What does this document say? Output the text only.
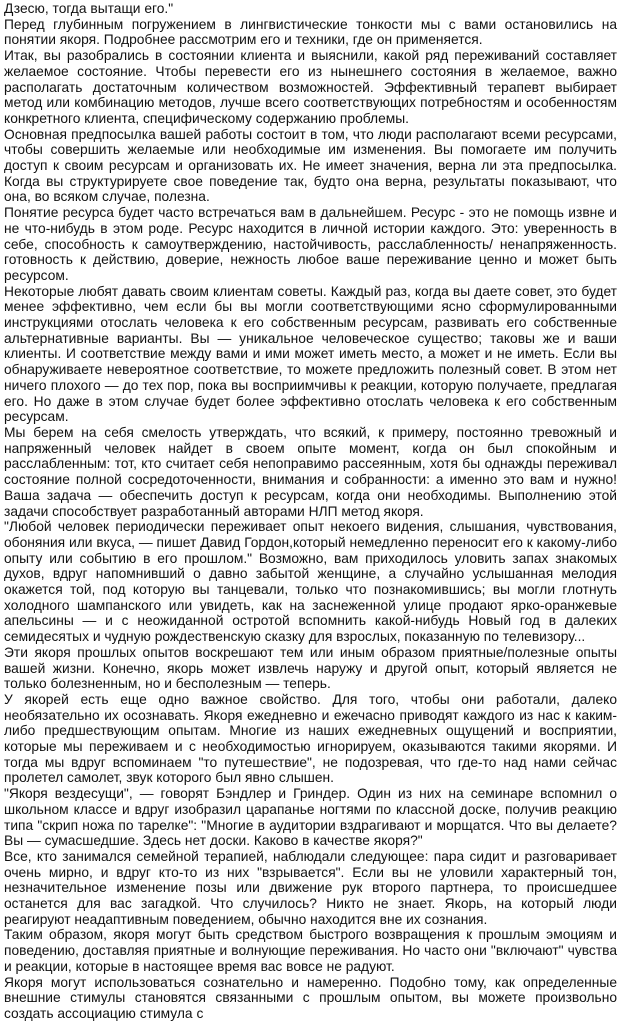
Дзесю, тогда вытащи его."

Перед глубинным погружением в лингвистические тонкости мы с вами остановились на понятии якоря. Подробнее рассмотрим его и техники, где он применяется.

Итак, вы разобрались в состоянии клиента и выяснили, какой ряд переживаний составляет желаемое состояние. Чтобы перевести его из нынешнего состояния в желаемое, важно располагать достаточным количеством возможностей. Эффективный терапевт выбирает метод или комбинацию методов, лучше всего соответствующих потребностям и особенностям конкретного клиента, специфическому содержанию проблемы.

Основная предпосылка вашей работы состоит в том, что люди располагают всеми ресурсами, чтобы совершить желаемые или необходимые им изменения. Вы помогаете им получить доступ к своим ресурсам и организовать их. Не имеет значения, верна ли эта предпосылка. Когда вы структурируете свое поведение так, будто она верна, результаты показывают, что она, во всяком случае, полезна.

Понятие ресурса будет часто встречаться вам в дальнейшем. Ресурс - это не помощь извне и не что-нибудь в этом роде. Ресурс находится в личной истории каждого. Это: уверенность в себе, способность к самоутверждению, настойчивость, расслабленность/ ненапряженность. готовность к действию, доверие, нежность любое ваше переживание ценно и может быть ресурсом.

Некоторые любят давать своим клиентам советы. Каждый раз, когда вы даете совет, это будет менее эффективно, чем если бы вы могли соответствующими ясно сформулированными инструкциями отослать человека к его собственным ресурсам, развивать его собственные альтернативные варианты. Вы — уникальное человеческое существо; таковы же и ваши клиенты. И соответствие между вами и ими может иметь место, а может и не иметь. Если вы обнаруживаете невероятное соответствие, то можете предложить полезный совет. В этом нет ничего плохого — до тех пор, пока вы восприимчивы к реакции, которую получаете, предлагая его. Но даже в этом случае будет более эффективно отослать человека к его собственным ресурсам.

Мы берем на себя смелость утверждать, что всякий, к примеру, постоянно тревожный и напряженный человек найдет в своем опыте момент, когда он был спокойным и расслабленным: тот, кто считает себя непоправимо рассеянным, хотя бы однажды переживал состояние полной сосредоточенности, внимания и собранности: а именно это вам и нужно! Ваша задача — обеспечить доступ к ресурсам, когда они необходимы. Выполнению этой задачи способствует разработанный авторами НЛП метод якоря.

"Любой человек периодически переживает опыт некоего видения, слышания, чувствования, обоняния или вкуса, — пишет Давид Гордон,который немедленно переносит его к какому-либо опыту или событию в его прошлом." Возможно, вам приходилось уловить запах знакомых духов, вдруг напомнивший о давно забытой женщине, а случайно услышанная мелодия окажется той, под которую вы танцевали, только что познакомившись; вы могли глотнуть холодного шампанского или увидеть, как на заснеженной улице продают ярко-оранжевые апельсины — и с неожиданной остротой вспомнить какой-нибудь Новый год в далеких семидесятых и чудную рождественскую сказку для взрослых, показанную по телевизору...

Эти якоря прошлых опытов воскрешают тем или иным образом приятные/полезные опыты вашей жизни. Конечно, якорь может извлечь наружу и другой опыт, который является не только болезненным, но и бесполезным — теперь.

У якорей есть еще одно важное свойство. Для того, чтобы они работали, далеко необязательно их осознавать. Якоря ежедневно и ежечасно приводят каждого из нас к каким-либо предшествующим опытам. Многие из наших ежедневных ощущений и восприятии, которые мы переживаем и с необходимостью игнорируем, оказываются такими якорями. И тогда мы вдруг вспоминаем "то путешествие", не подозревая, что где-то над нами сейчас пролетел самолет, звук которого был явно слышен.

"Якоря вездесущи", — говорят Бэндлер и Гриндер. Один из них на семинаре вспомнил о школьном классе и вдруг изобразил царапанье ногтями по классной доске, получив реакцию типа "скрип ножа по тарелке": "Многие в аудитории вздрагивают и морщатся. Что вы делаете? Вы — сумасшедшие. Здесь нет доски. Каково в качестве якоря?"

Все, кто занимался семейной терапией, наблюдали следующее: пара сидит и разговаривает очень мирно, и вдруг кто-то из них "взрывается". Если вы не уловили характерный тон, незначительное изменение позы или движение рук второго партнера, то происшедшее останется для вас загадкой. Что случилось? Никто не знает. Якорь, на который люди реагируют неадаптивным поведением, обычно находится вне их сознания.

Таким образом, якоря могут быть средством быстрого возвращения к прошлым эмоциям и поведению, доставляя приятные и волнующие переживания. Но часто они "включают" чувства и реакции, которые в настоящее время вас вовсе не радуют.

Якоря могут использоваться сознательно и намеренно. Подобно тому, как определенные внешние стимулы становятся связанными с прошлым опытом, вы можете произвольно создать ассоциацию стимула с
